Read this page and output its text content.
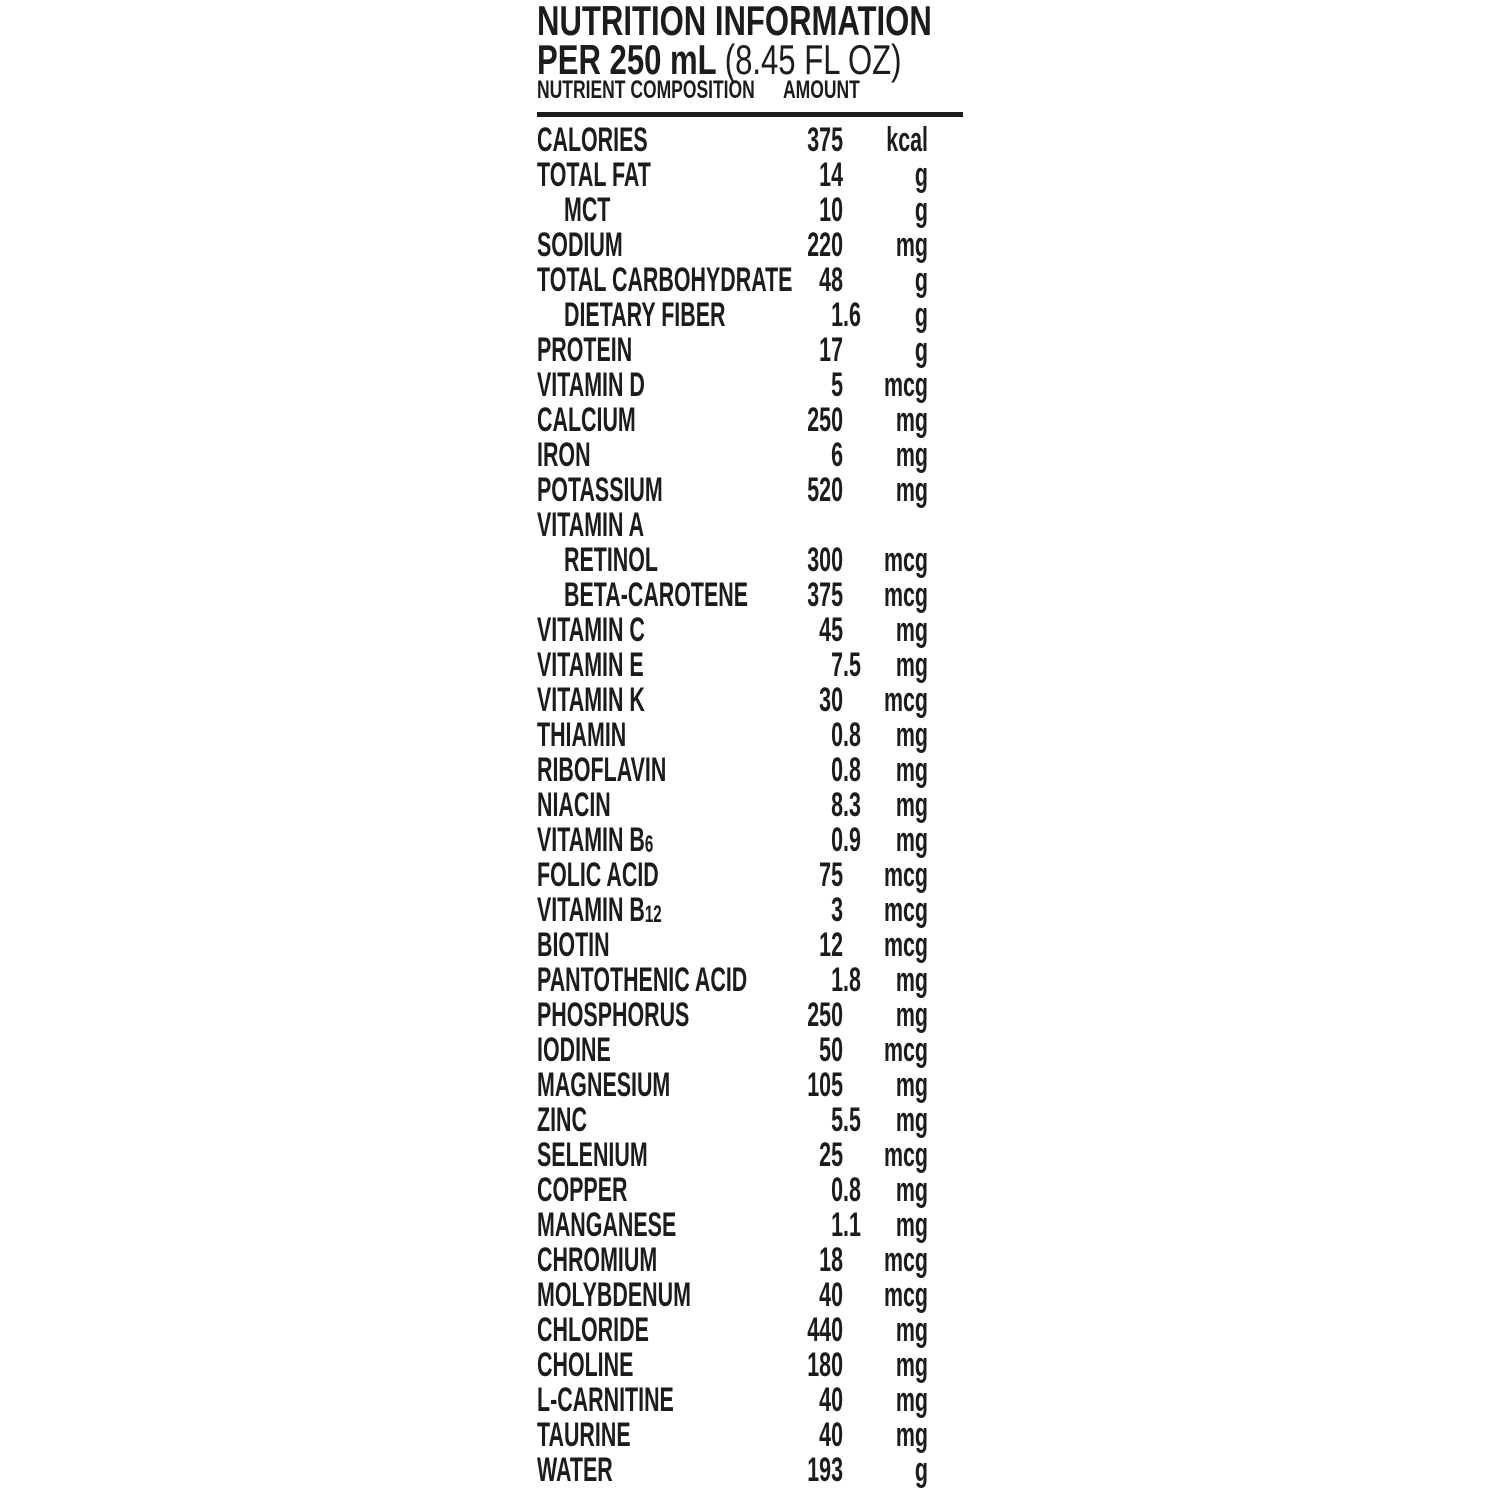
NUTRITION INFORMATION
PER 250 mL (8.45 FL OZ)
NUTRIENT COMPOSITION AMOUNT
CALORIES	375	kcal
TOTAL FAT	14	g
MCT	10	g
SODIUM	220	mg
TOTAL CARBOHYDRATE 48	g
DIETARY FIBER	1 .6	g
PROTEIN	17	g
VITAMIN D	5	mcg
CALCIUM	250	mg
IRON	6	mg
POTASSIUM	520	mg
VITAMIN A
RETINOL	300	mcg
BETA-CAROTENE	375	mcg
VITAMIN C	45	mg
VITAMIN E	7 .5	mg
VITAMIN K	30	mcg
THIAMIN	0 .8	mg
RIBOFLAVIN	0 .8	mg
NIACIN	8 .3	mg
VITAMIN B6	0 .9	mg
FOLIC ACID	75	mcg
VITAMIN B12	3	mcg
BIOTIN	12	mcg
PANTOTHENIC ACID	1 .8	mg
PHOSPHORUS	250	mg
IODINE	50	mcg
MAGNESIUM	105	mg
ZINC	5 .5	mg
SELENIUM	25	mcg
COPPER	0 .8	mg
MANGANESE	1 .1	mg
CHROMIUM	18	mcg
MOLYBDENUM	40	mcg
CHLORIDE	440	mg
CHOLINE	180	mg
L-CARNITINE	40	mg
TAURINE	40	mg
WATER	193	g
